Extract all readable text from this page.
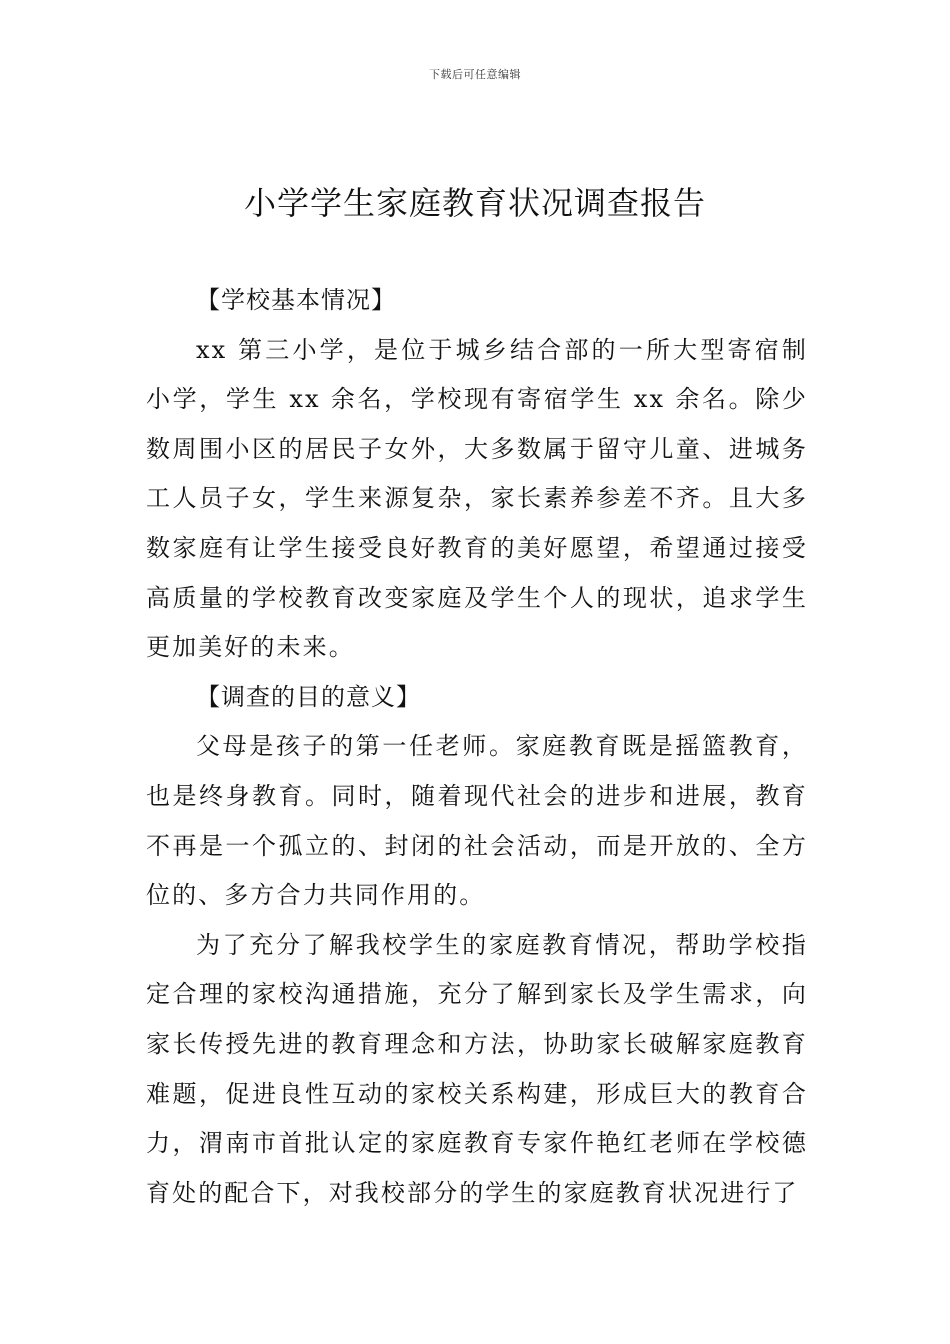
下载后可任意编辑
小学学生家庭教育状况调查报告

【学校基本情况】

xx 第三小学，是位于城乡结合部的一所大型寄宿制小学，学生 xx 余名，学校现有寄宿学生 xx 余名。除少数周围小区的居民子女外，大多数属于留守儿童、进城务工人员子女，学生来源复杂，家长素养参差不齐。且大多数家庭有让学生接受良好教育的美好愿望，希望通过接受高质量的学校教育改变家庭及学生个人的现状，追求学生更加美好的未来。

【调查的目的意义】

父母是孩子的第一任老师。家庭教育既是摇篮教育，也是终身教育。同时，随着现代社会的进步和进展，教育不再是一个孤立的、封闭的社会活动，而是开放的、全方位的、多方合力共同作用的。

为了充分了解我校学生的家庭教育情况，帮助学校指定合理的家校沟通措施，充分了解到家长及学生需求，向家长传授先进的教育理念和方法，协助家长破解家庭教育难题，促进良性互动的家校关系构建，形成巨大的教育合力，渭南市首批认定的家庭教育专家仵艳红老师在学校德育处的配合下，对我校部分的学生的家庭教育状况进行了
